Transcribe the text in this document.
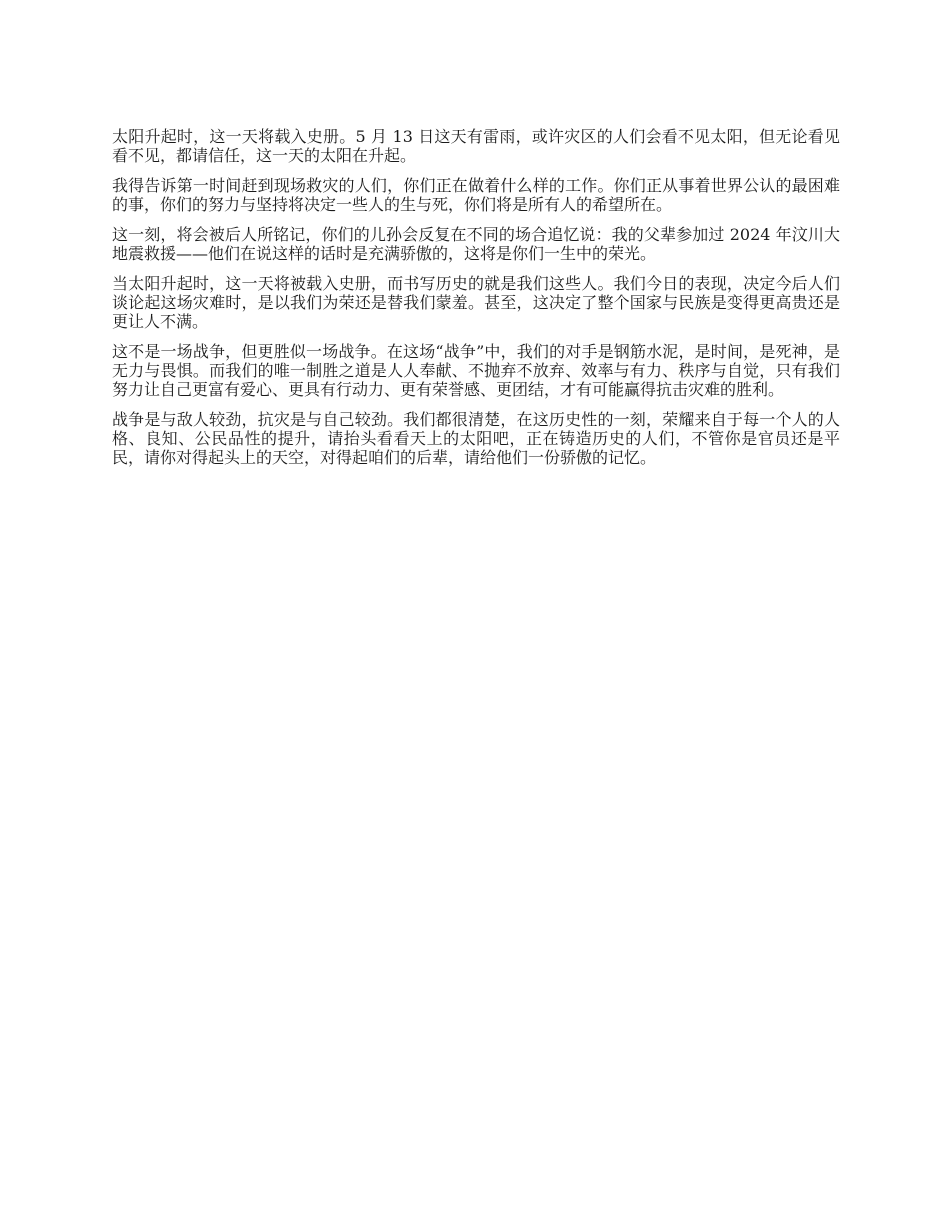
太阳升起时，这一天将载入史册。5 月 13 日这天有雷雨，或许灾区的人们会看不见太阳，但无论看见看不见，都请信任，这一天的太阳在升起。

我得告诉第一时间赶到现场救灾的人们，你们正在做着什么样的工作。你们正从事着世界公认的最困难的事，你们的努力与坚持将决定一些人的生与死，你们将是所有人的希望所在。

这一刻，将会被后人所铭记，你们的儿孙会反复在不同的场合追忆说：我的父辈参加过 2024 年汶川大地震救援——他们在说这样的话时是充满骄傲的，这将是你们一生中的荣光。

当太阳升起时，这一天将被载入史册，而书写历史的就是我们这些人。我们今日的表现，决定今后人们谈论起这场灾难时，是以我们为荣还是替我们蒙羞。甚至，这决定了整个国家与民族是变得更高贵还是更让人不满。

这不是一场战争，但更胜似一场战争。在这场“战争”中，我们的对手是钢筋水泥，是时间，是死神，是无力与畏惧。而我们的唯一制胜之道是人人奉献、不抛弃不放弃、效率与有力、秩序与自觉，只有我们努力让自己更富有爱心、更具有行动力、更有荣誉感、更团结，才有可能赢得抗击灾难的胜利。

战争是与敌人较劲，抗灾是与自己较劲。我们都很清楚，在这历史性的一刻，荣耀来自于每一个人的人格、良知、公民品性的提升，请抬头看看天上的太阳吧，正在铸造历史的人们，不管你是官员还是平民，请你对得起头上的天空，对得起咱们的后辈，请给他们一份骄傲的记忆。
